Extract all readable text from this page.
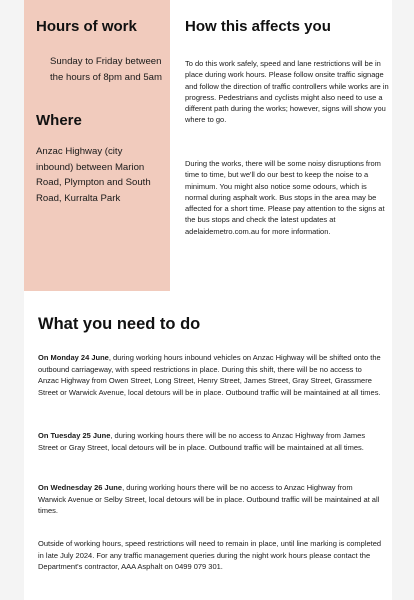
Hours of work

Sunday to Friday between the hours of 8pm and 5am

Where

Anzac Highway (city inbound) between Marion Road, Plympton and South Road, Kurralta Park

How this affects you

To do this work safely, speed and lane restrictions will be in place during work hours. Please follow onsite traffic signage and follow the direction of traffic controllers while works are in progress. Pedestrians and cyclists might also need to use a different path during the works; however, signs will show you where to go.

During the works, there will be some noisy disruptions from time to time, but we'll do our best to keep the noise to a minimum. You might also notice some odours, which is normal during asphalt work. Bus stops in the area may be affected for a short time. Please pay attention to the signs at the bus stops and check the latest updates at adelaidemetro.com.au for more information.

What you need to do

On Monday 24 June, during working hours inbound vehicles on Anzac Highway will be shifted onto the outbound carriageway, with speed restrictions in place. During this shift, there will be no access to Anzac Highway from Owen Street, Long Street, Henry Street, James Street, Gray Street, Grassmere Street or Warwick Avenue, local detours will be in place. Outbound traffic will be maintained at all times.

On Tuesday 25 June, during working hours there will be no access to Anzac Highway from James Street or Gray Street, local detours will be in place. Outbound traffic will be maintained at all times.

On Wednesday 26 June, during working hours there will be no access to Anzac Highway from Warwick Avenue or Selby Street, local detours will be in place. Outbound traffic will be maintained at all times.

Outside of working hours, speed restrictions will need to remain in place, until line marking is completed in late July 2024. For any traffic management queries during the night work hours please contact the Department's contractor, AAA Asphalt on 0499 079 301.
